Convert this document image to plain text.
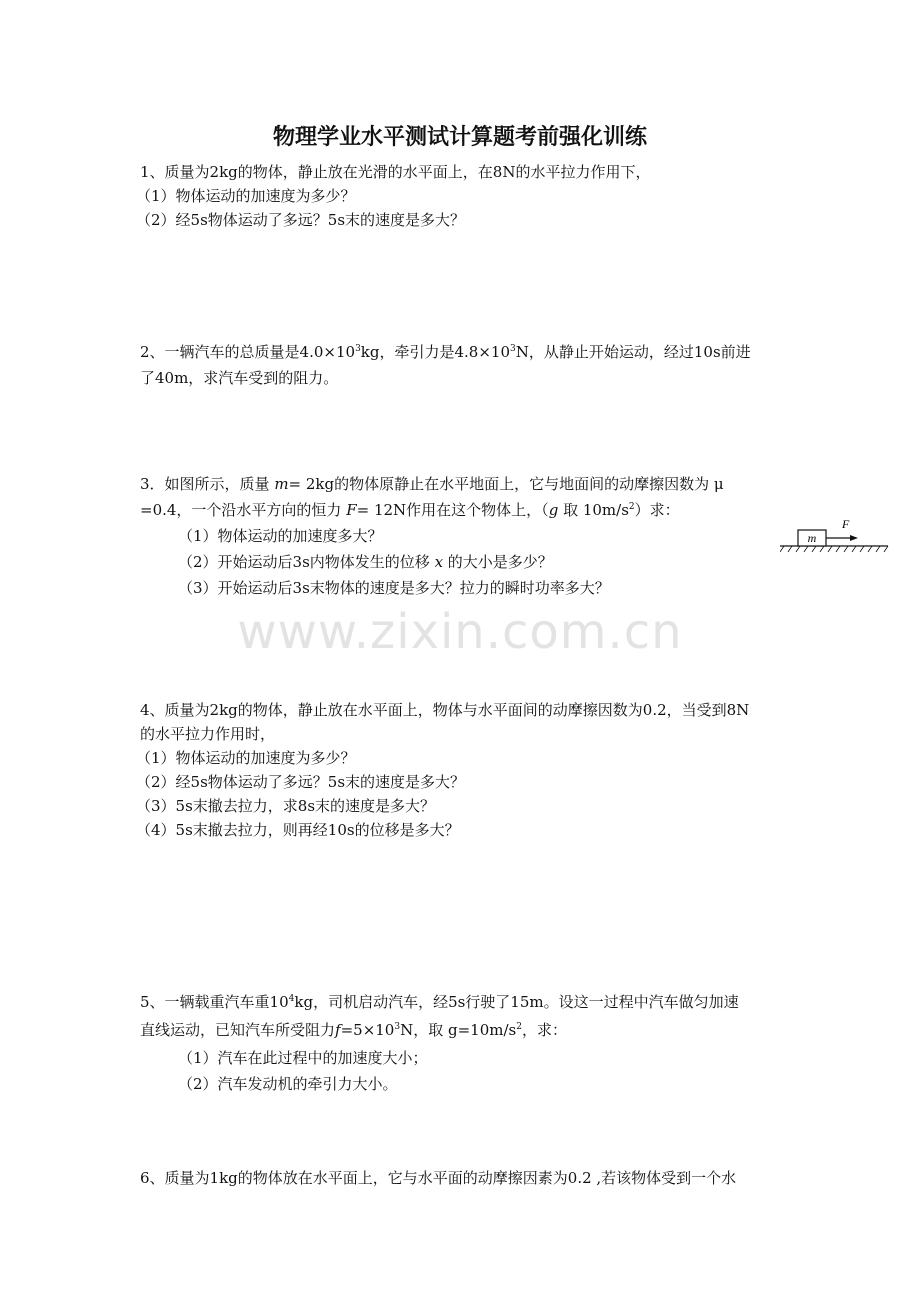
物理学业水平测试计算题考前强化训练
1、质量为2kg的物体，静止放在光滑的水平面上，在8N的水平拉力作用下，
（1）物体运动的加速度为多少？
（2）经5s物体运动了多远？5s末的速度是多大？
2、一辆汽车的总质量是$4.0\times 10^3kg$，牵引力是$4.8\times 10^3N$，从静止开始运动，经过10s前进
了40m，求汽车受到的阻力。
3．如图所示，质量 m= 2kg的物体原静止在水平地面上，它与地面间的动摩擦因数为 μ
=0.4，一个沿水平方向的恒力 F= 12N作用在这个物体上，（g 取 $10m/s^2$）求：
（1）物体运动的加速度多大？
（2）开始运动后3s内物体发生的位移 x 的大小是多少？
（3）开始运动后3s末物体的速度是多大？拉力的瞬时功率多大？
m
F
www.zixin.com.cn
4、质量为2kg的物体，静止放在水平面上，物体与水平面间的动摩擦因数为0.2，当受到8N
的水平拉力作用时，
（1）物体运动的加速度为多少？
（2）经5s物体运动了多远？5s末的速度是多大？
（3）5s末撤去拉力，求8s末的速度是多大？
（4）5s末撤去拉力，则再经10s的位移是多大？
5、一辆载重汽车重$10^4kg$，司机启动汽车，经5s行驶了15m。设这一过程中汽车做匀加速
直线运动，已知汽车所受阻力$f=5\times 10^3N$，取 $g=10m/s^2$，求：
（1）汽车在此过程中的加速度大小；
（2）汽车发动机的牵引力大小。
6、质量为1kg的物体放在水平面上，它与水平面的动摩擦因素为0.2 ,若该物体受到一个水
